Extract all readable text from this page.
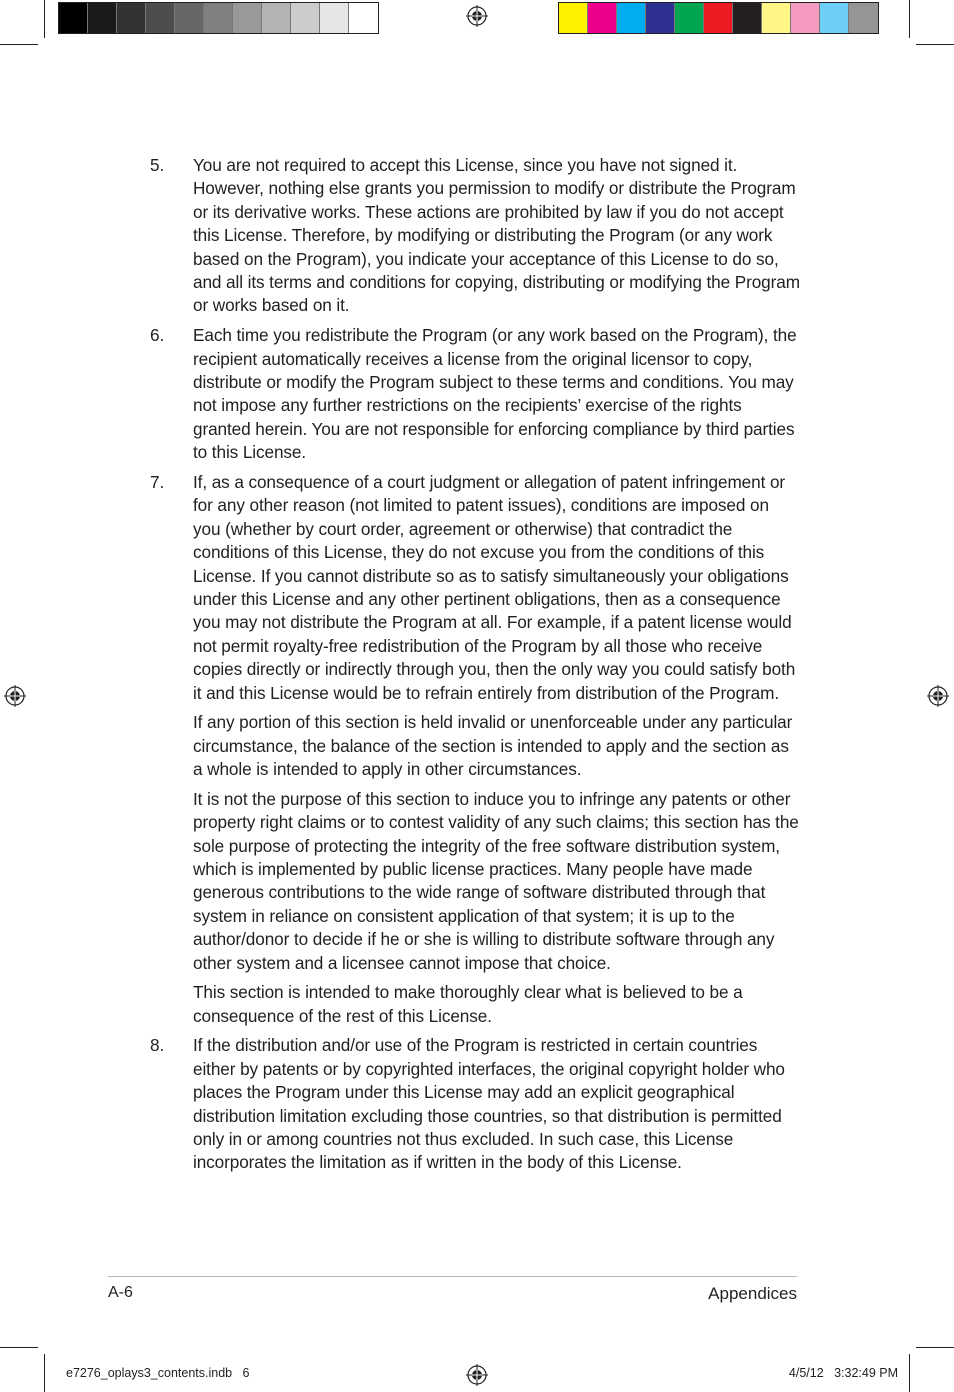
5.	You are not required to accept this License, since you have not signed it. However, nothing else grants you permission to modify or distribute the Program or its derivative works. These actions are prohibited by law if you do not accept this License. Therefore, by modifying or distributing the Program (or any work based on the Program), you indicate your acceptance of this License to do so, and all its terms and conditions for copying, distributing or modifying the Program or works based on it.

6.	Each time you redistribute the Program (or any work based on the Program), the recipient automatically receives a license from the original licensor to copy, distribute or modify the Program subject to these terms and conditions. You may not impose any further restrictions on the recipients’ exercise of the rights granted herein. You are not responsible for enforcing compliance by third parties to this License.

7.	If, as a consequence of a court judgment or allegation of patent infringement or for any other reason (not limited to patent issues), conditions are imposed on you (whether by court order, agreement or otherwise) that contradict the conditions of this License, they do not excuse you from the conditions of this License. If you cannot distribute so as to satisfy simultaneously your obligations under this License and any other pertinent obligations, then as a consequence you may not distribute the Program at all. For example, if a patent license would not permit royalty-free redistribution of the Program by all those who receive copies directly or indirectly through you, then the only way you could satisfy both it and this License would be to refrain entirely from distribution of the Program.

If any portion of this section is held invalid or unenforceable under any particular circumstance, the balance of the section is intended to apply and the section as a whole is intended to apply in other circumstances.

It is not the purpose of this section to induce you to infringe any patents or other property right claims or to contest validity of any such claims; this section has the sole purpose of protecting the integrity of the free software distribution system, which is implemented by public license practices. Many people have made generous contributions to the wide range of software distributed through that system in reliance on consistent application of that system; it is up to the author/donor to decide if he or she is willing to distribute software through any other system and a licensee cannot impose that choice.

This section is intended to make thoroughly clear what is believed to be a consequence of the rest of this License.

8.	If the distribution and/or use of the Program is restricted in certain countries either by patents or by copyrighted interfaces, the original copyright holder who places the Program under this License may add an explicit geographical distribution limitation excluding those countries, so that distribution is permitted only in or among countries not thus excluded. In such case, this License incorporates the limitation as if written in the body of this License.

A-6	Appendices
e7276_oplays3_contents.indb   6	4/5/12   3:32:49 PM
